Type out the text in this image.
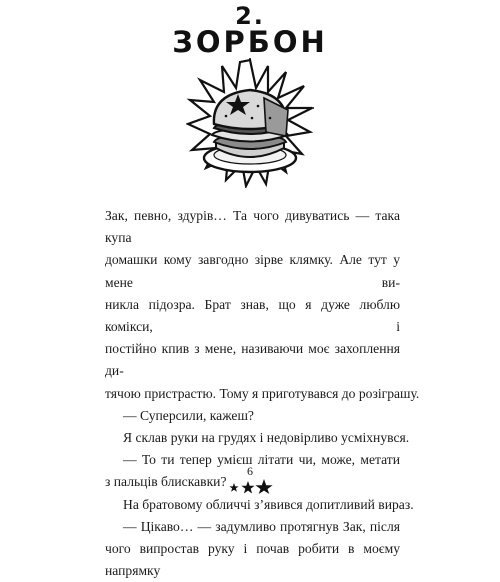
2.
ЗОРБОН
Зак, певно, здурів… Та чого дивуватись — така купа
домашки кому завгодно зірве клямку. Але тут у мене ви-
никла підозра. Брат знав, що я дуже люблю комікси, і
постійно кпив з мене, називаючи моє захоплення ди-
тячою пристрастю. Тому я приготувався до розіграшу.
— Суперсили, кажеш?
Я склав руки на грудях і недовірливо усміхнувся.
— То ти тепер умієш літати чи, може, метати
з пальців блискавки?
На братовому обличчі з’явився допитливий вираз.
— Цікаво… — задумливо протягнув Зак, після
чого випростав руку і почав робити в моєму напрямку
6
